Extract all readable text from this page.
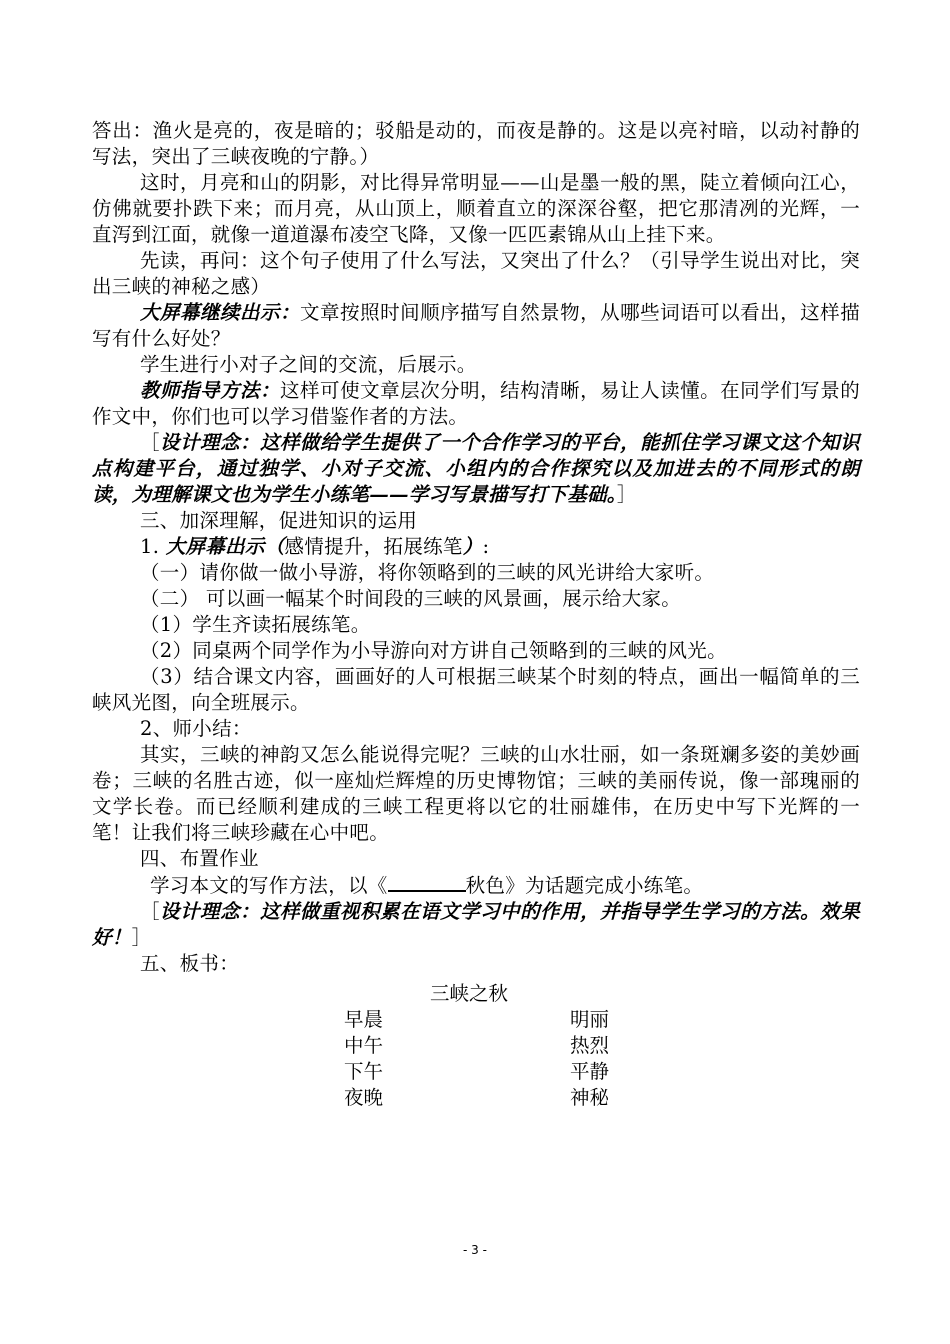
答出：渔火是亮的，夜是暗的；驳船是动的，而夜是静的。这是以亮衬暗，以动衬静的写法，突出了三峡夜晚的宁静。）

这时，月亮和山的阴影，对比得异常明显——山是墨一般的黑，陡立着倾向江心，仿佛就要扑跌下来；而月亮，从山顶上，顺着直立的深深谷壑，把它那清冽的光辉，一直泻到江面，就像一道道瀑布凌空飞降，又像一匹匹素锦从山上挂下来。

先读，再问：这个句子使用了什么写法，又突出了什么？（引导学生说出对比，突出三峡的神秘之感）

大屏幕继续出示：文章按照时间顺序描写自然景物，从哪些词语可以看出，这样描写有什么好处？

学生进行小对子之间的交流，后展示。

教师指导方法：这样可使文章层次分明，结构清晰，易让人读懂。在同学们写景的作文中，你们也可以学习借鉴作者的方法。

［设计理念：这样做给学生提供了一个合作学习的平台，能抓住学习课文这个知识点构建平台，通过独学、小对子交流、小组内的合作探究以及加进去的不同形式的朗读，为理解课文也为学生小练笔——学习写景描写打下基础。］

三、加深理解，促进知识的运用

1. 大屏幕出示（感情提升，拓展练笔）:

（一）请你做一做小导游，将你领略到的三峡的风光讲给大家听。

（二） 可以画一幅某个时间段的三峡的风景画，展示给大家。

（1）学生齐读拓展练笔。

（2）同桌两个同学作为小导游向对方讲自己领略到的三峡的风光。

（3）结合课文内容，画画好的人可根据三峡某个时刻的特点，画出一幅简单的三峡风光图，向全班展示。

2、师小结：

其实，三峡的神韵又怎么能说得完呢？三峡的山水壮丽，如一条斑斓多姿的美妙画卷；三峡的名胜古迹，似一座灿烂辉煌的历史博物馆；三峡的美丽传说，像一部瑰丽的文学长卷。而已经顺利建成的三峡工程更将以它的壮丽雄伟，在历史中写下光辉的一笔！让我们将三峡珍藏在心中吧。

四、布置作业

学习本文的写作方法，以《	秋色》为话题完成小练笔。

［设计理念：这样做重视积累在语文学习中的作用，并指导学生学习的方法。效果好！］

五、板书：

三峡之秋
早晨	明丽
中午	热烈
下午	平静
夜晚	神秘
- 3 -
